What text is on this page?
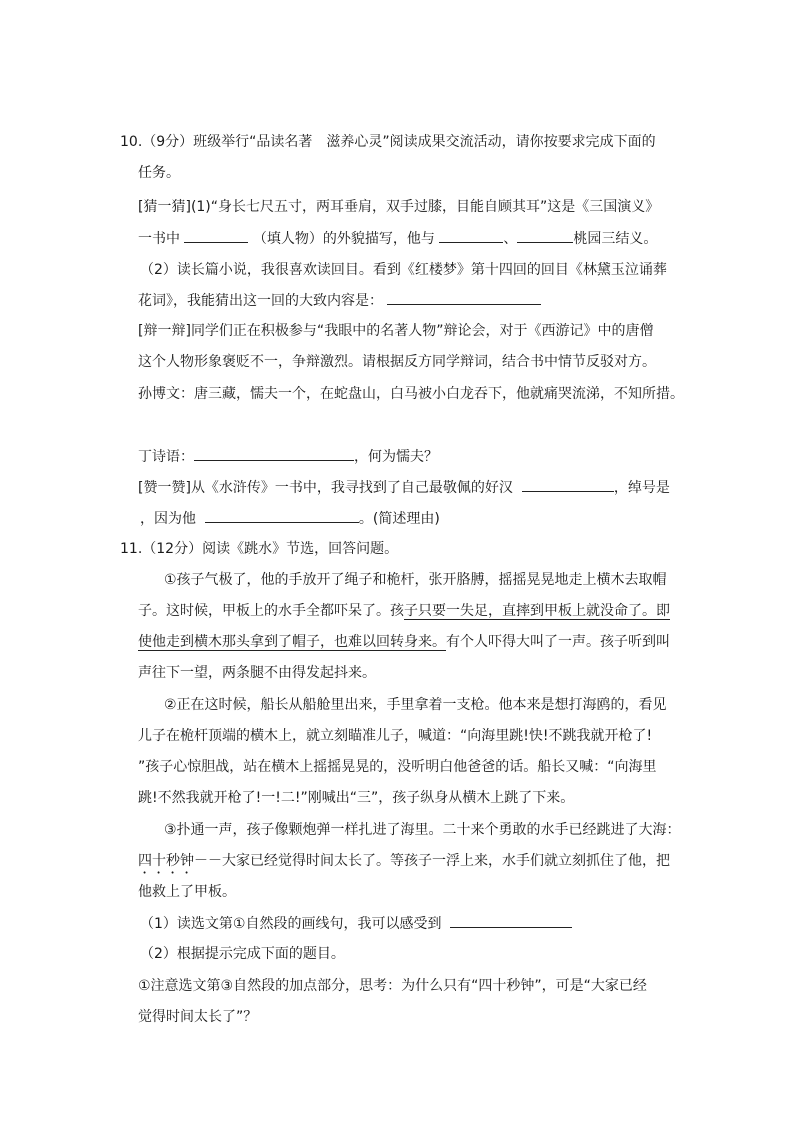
10.（9分）班级举行“品读名著　滋养心灵”阅读成果交流活动，请你按要求完成下面的
任务。
[猜一猜](1)“身长七尺五寸，两耳垂肩，双手过膝，目能自顾其耳”这是《三国演义》
一书中	（填人物）的外貌描写，他与	、	桃园三结义。
（2）读长篇小说，我很喜欢读回目。看到《红楼梦》第十四回的回目《林黛玉泣诵葬
花词》，我能猜出这一回的大致内容是：
[辩一辩]同学们正在积极参与“我眼中的名著人物”辩论会，对于《西游记》中的唐僧
这个人物形象褒贬不一，争辩激烈。请根据反方同学辩词，结合书中情节反驳对方。
孙博文：唐三藏，懦夫一个，在蛇盘山，白马被小白龙吞下，他就痛哭流涕，不知所措。
丁诗语：	，何为懦夫？
[赞一赞]从《水浒传》一书中，我寻找到了自己最敬佩的好汉	，绰号是
，因为他	。(简述理由)
11.（12分）阅读《跳水》节选，回答问题。
①孩子气极了，他的手放开了绳子和桅杆，张开胳膊，摇摇晃晃地走上横木去取帽
子。这时候，甲板上的水手全都吓呆了。孩子只要一失足，直摔到甲板上就没命了。即
使他走到横木那头拿到了帽子，也难以回转身来。有个人吓得大叫了一声。孩子听到叫
声往下一望，两条腿不由得发起抖来。
②正在这时候，船长从船舱里出来，手里拿着一支枪。他本来是想打海鸥的，看见
儿子在桅杆顶端的横木上，就立刻瞄准儿子，喊道：“向海里跳!快!不跳我就开枪了!
”孩子心惊胆战，站在横木上摇摇晃晃的，没听明白他爸爸的话。船长又喊：“向海里
跳!不然我就开枪了!一!二!”刚喊出“三”，孩子纵身从横木上跳了下来。
③扑通一声，孩子像颗炮弹一样扎进了海里。二十来个勇敢的水手已经跳进了大海：
四十秒钟－－大家已经觉得时间太长了。等孩子一浮上来，水手们就立刻抓住了他，把
他救上了甲板。
（1）读选文第①自然段的画线句，我可以感受到
（2）根据提示完成下面的题目。
①注意选文第③自然段的加点部分，思考：为什么只有“四十秒钟”，可是“大家已经
觉得时间太长了”？
